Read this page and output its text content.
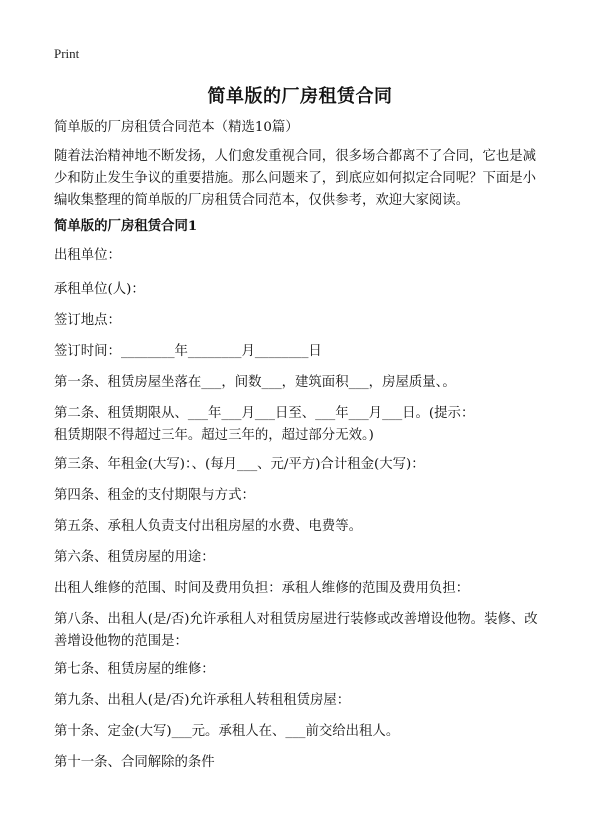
Print
简单版的厂房租赁合同
简单版的厂房租赁合同范本（精选10篇）
随着法治精神地不断发扬，人们愈发重视合同，很多场合都离不了合同，它也是减
少和防止发生争议的重要措施。那么问题来了，到底应如何拟定合同呢？下面是小
编收集整理的简单版的厂房租赁合同范本，仅供参考，欢迎大家阅读。
简单版的厂房租赁合同1
出租单位：
承租单位(人)：
签订地点：
签订时间：________年________月________日
第一条、租赁房屋坐落在___，间数___，建筑面积___，房屋质量、。
第二条、租赁期限从、___年___月___日至、___年___月___日。(提示：
租赁期限不得超过三年。超过三年的，超过部分无效。)
第三条、年租金(大写)：、(每月___、元/平方)合计租金(大写)：
第四条、租金的支付期限与方式：
第五条、承租人负责支付出租房屋的水费、电费等。
第六条、租赁房屋的用途：
出租人维修的范围、时间及费用负担：承租人维修的范围及费用负担：
第八条、出租人(是/否)允许承租人对租赁房屋进行装修或改善增设他物。装修、改
善增设他物的范围是：
第七条、租赁房屋的维修：
第九条、出租人(是/否)允许承租人转租租赁房屋：
第十条、定金(大写)___元。承租人在、___前交给出租人。
第十一条、合同解除的条件
